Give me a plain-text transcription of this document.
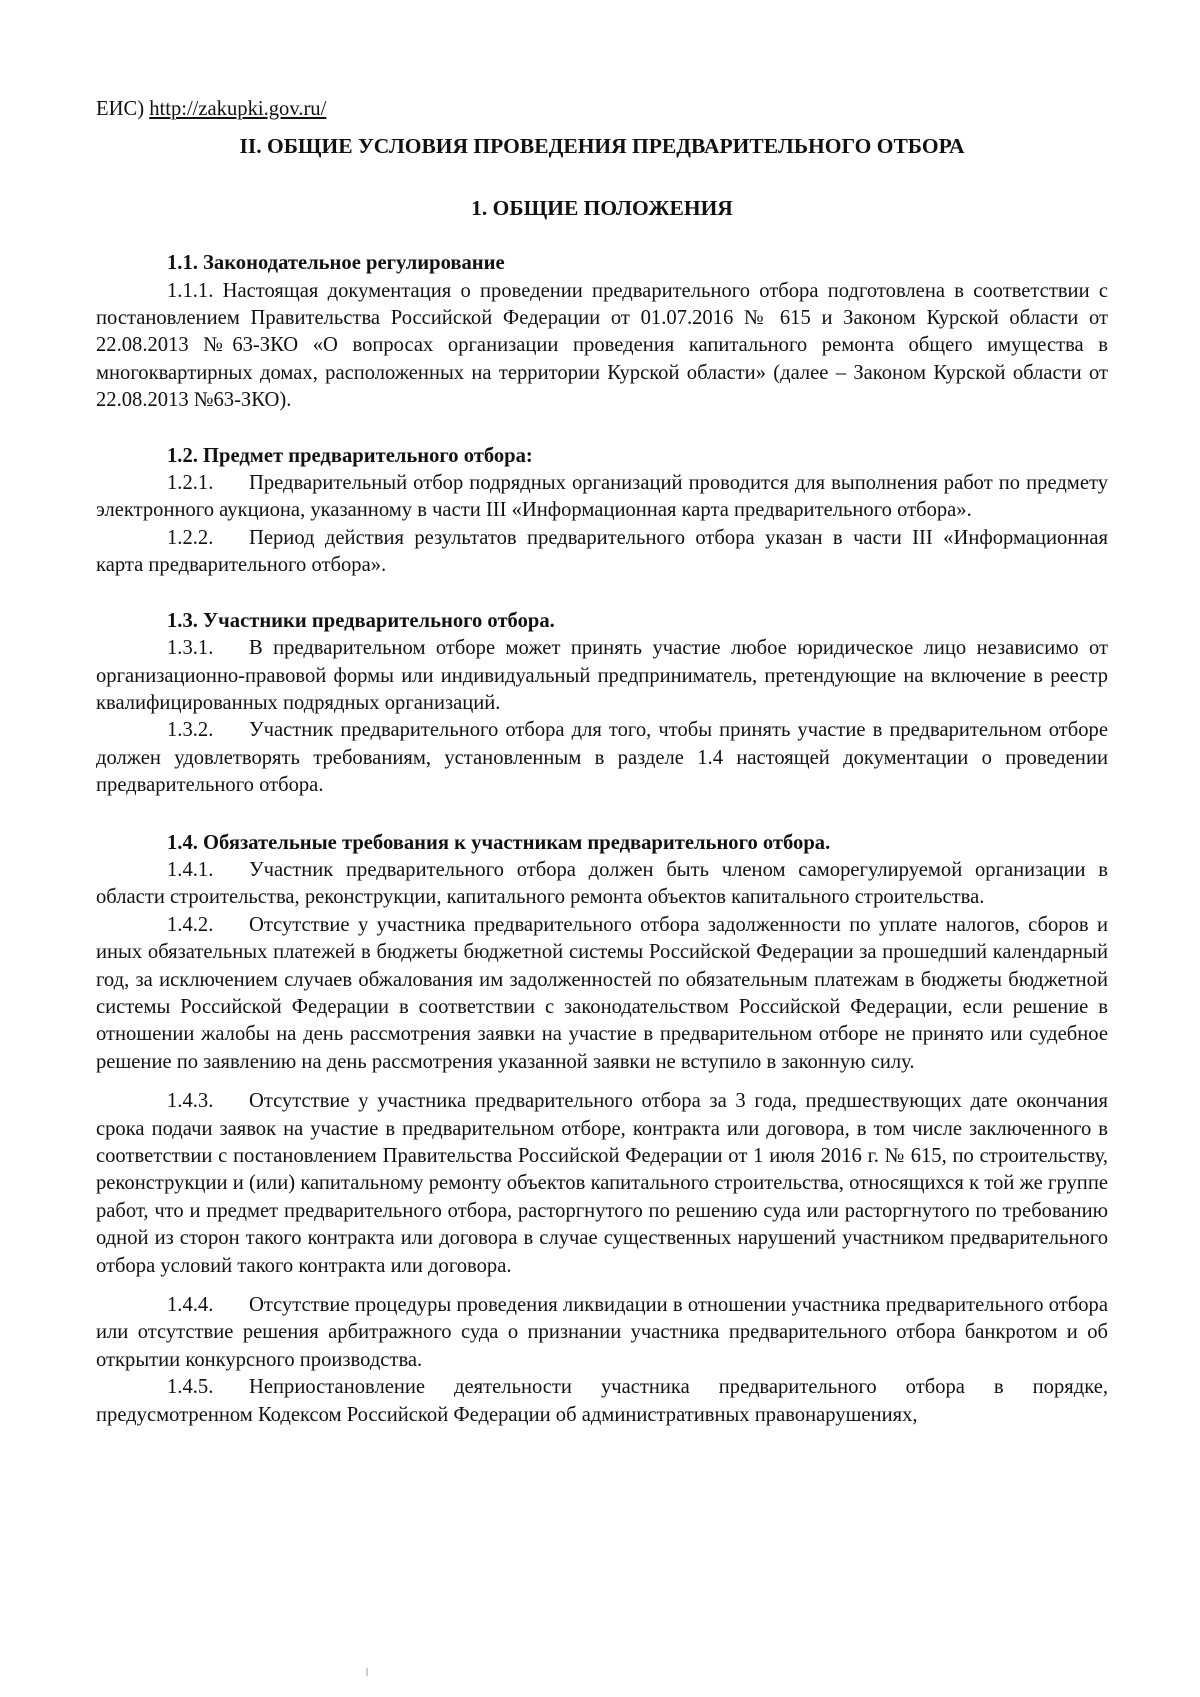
ЕИС) http://zakupki.gov.ru/

II. ОБЩИЕ УСЛОВИЯ ПРОВЕДЕНИЯ ПРЕДВАРИТЕЛЬНОГО ОТБОРА

1. ОБЩИЕ ПОЛОЖЕНИЯ

1.1. Законодательное регулирование

1.1.1. Настоящая документация о проведении предварительного отбора подготовлена в соответствии с постановлением Правительства Российской Федерации от 01.07.2016 № 615 и Законом Курской области от 22.08.2013 №63-ЗКО «О вопросах организации проведения капитального ремонта общего имущества в многоквартирных домах, расположенных на территории Курской области» (далее – Законом Курской области от 22.08.2013 №63-ЗКО).

1.2. Предмет предварительного отбора:

1.2.1. Предварительный отбор подрядных организаций проводится для выполнения работ по предмету электронного аукциона, указанному в части III «Информационная карта предварительного отбора».

1.2.2. Период действия результатов предварительного отбора указан в части III «Информационная карта предварительного отбора».

1.3. Участники предварительного отбора.

1.3.1. В предварительном отборе может принять участие любое юридическое лицо независимо от организационно-правовой формы или индивидуальный предприниматель, претендующие на включение в реестр квалифицированных подрядных организаций.

1.3.2. Участник предварительного отбора для того, чтобы принять участие в предварительном отборе должен удовлетворять требованиям, установленным в разделе 1.4 настоящей документации о проведении предварительного отбора.

1.4. Обязательные требования к участникам предварительного отбора.

1.4.1. Участник предварительного отбора должен быть членом саморегулируемой организации в области строительства, реконструкции, капитального ремонта объектов капитального строительства.

1.4.2. Отсутствие у участника предварительного отбора задолженности по уплате налогов, сборов и иных обязательных платежей в бюджеты бюджетной системы Российской Федерации за прошедший календарный год, за исключением случаев обжалования им задолженностей по обязательным платежам в бюджеты бюджетной системы Российской Федерации в соответствии с законодательством Российской Федерации, если решение в отношении жалобы на день рассмотрения заявки на участие в предварительном отборе не принято или судебное решение по заявлению на день рассмотрения указанной заявки не вступило в законную силу.

1.4.3. Отсутствие у участника предварительного отбора за 3 года, предшествующих дате окончания срока подачи заявок на участие в предварительном отборе, контракта или договора, в том числе заключенного в соответствии с постановлением Правительства Российской Федерации от 1 июля 2016 г. № 615, по строительству, реконструкции и (или) капитальному ремонту объектов капитального строительства, относящихся к той же группе работ, что и предмет предварительного отбора, расторгнутого по решению суда или расторгнутого по требованию одной из сторон такого контракта или договора в случае существенных нарушений участником предварительного отбора условий такого контракта или договора.

1.4.4. Отсутствие процедуры проведения ликвидации в отношении участника предварительного отбора или отсутствие решения арбитражного суда о признании участника предварительного отбора банкротом и об открытии конкурсного производства.

1.4.5. Неприостановление деятельности участника предварительного отбора в порядке, предусмотренном Кодексом Российской Федерации об административных правонарушениях,
